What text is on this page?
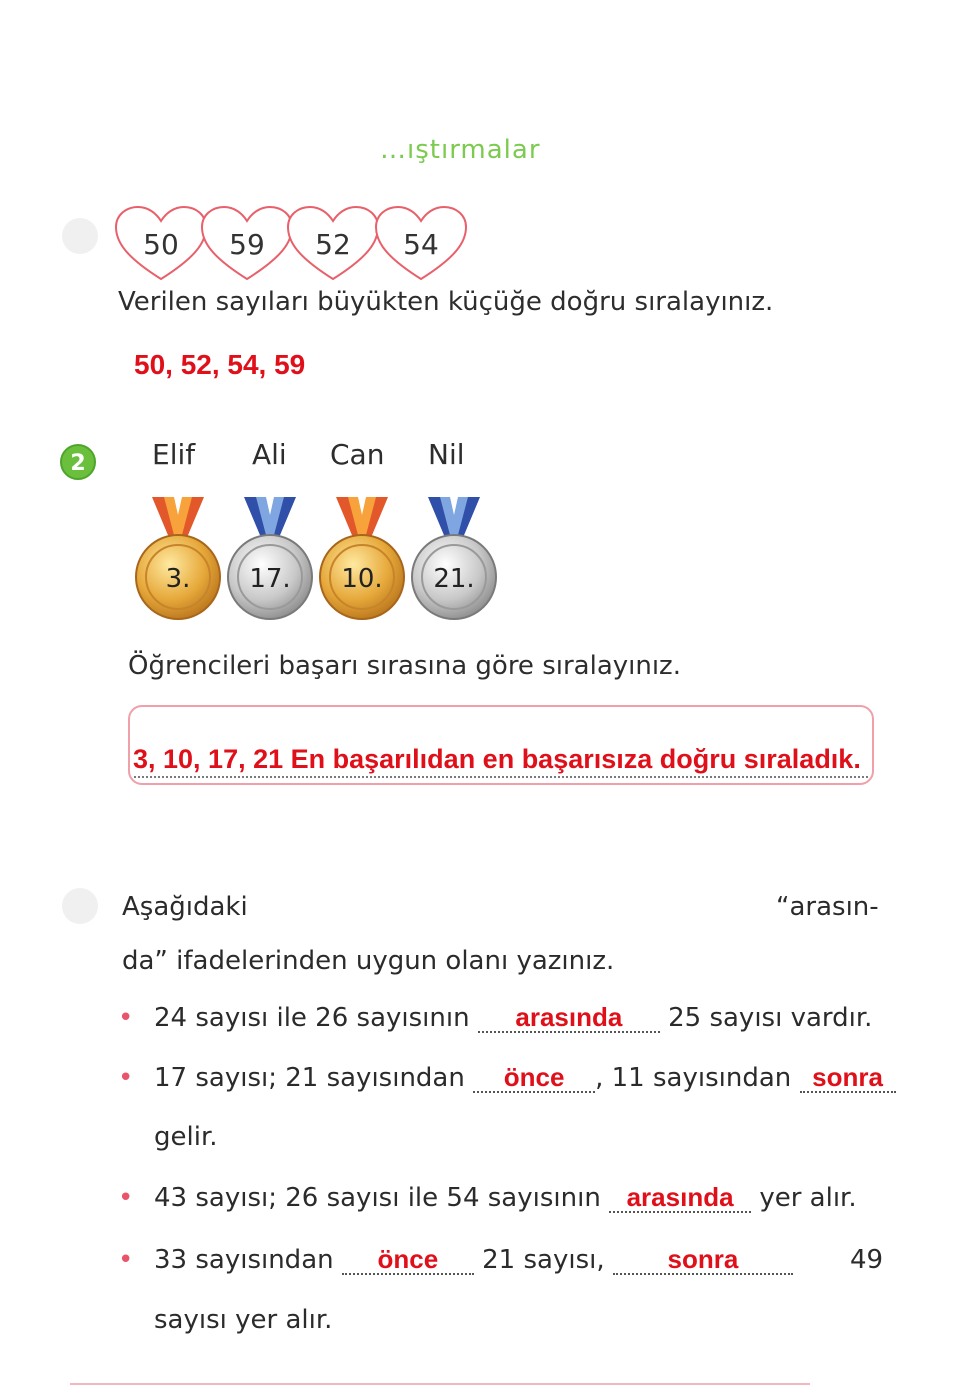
…ıştırmalar
50 59 52 54
Verilen sayıları büyükten küçüğe doğru sıralayınız.
50, 52, 54, 59
2	Elif Ali Can Nil
3. 17. 10. 21.
Öğrencileri başarı sırasına göre sıralayınız.
3, 10, 17, 21 En başarılıdan en başarısıza doğru sıraladık.
Aşağıdaki	“arasın-
da” ifadelerinden uygun olanı yazınız.
• 24 sayısı ile 26 sayısının arasında 25 sayısı vardır.
• 17 sayısı; 21 sayısından önce , 11 sayısından sonra
gelir.
• 43 sayısı; 26 sayısı ile 54 sayısının arasında yer alır.
• 33 sayısından önce 21 sayısı, sonra	49
sayısı yer alır.
